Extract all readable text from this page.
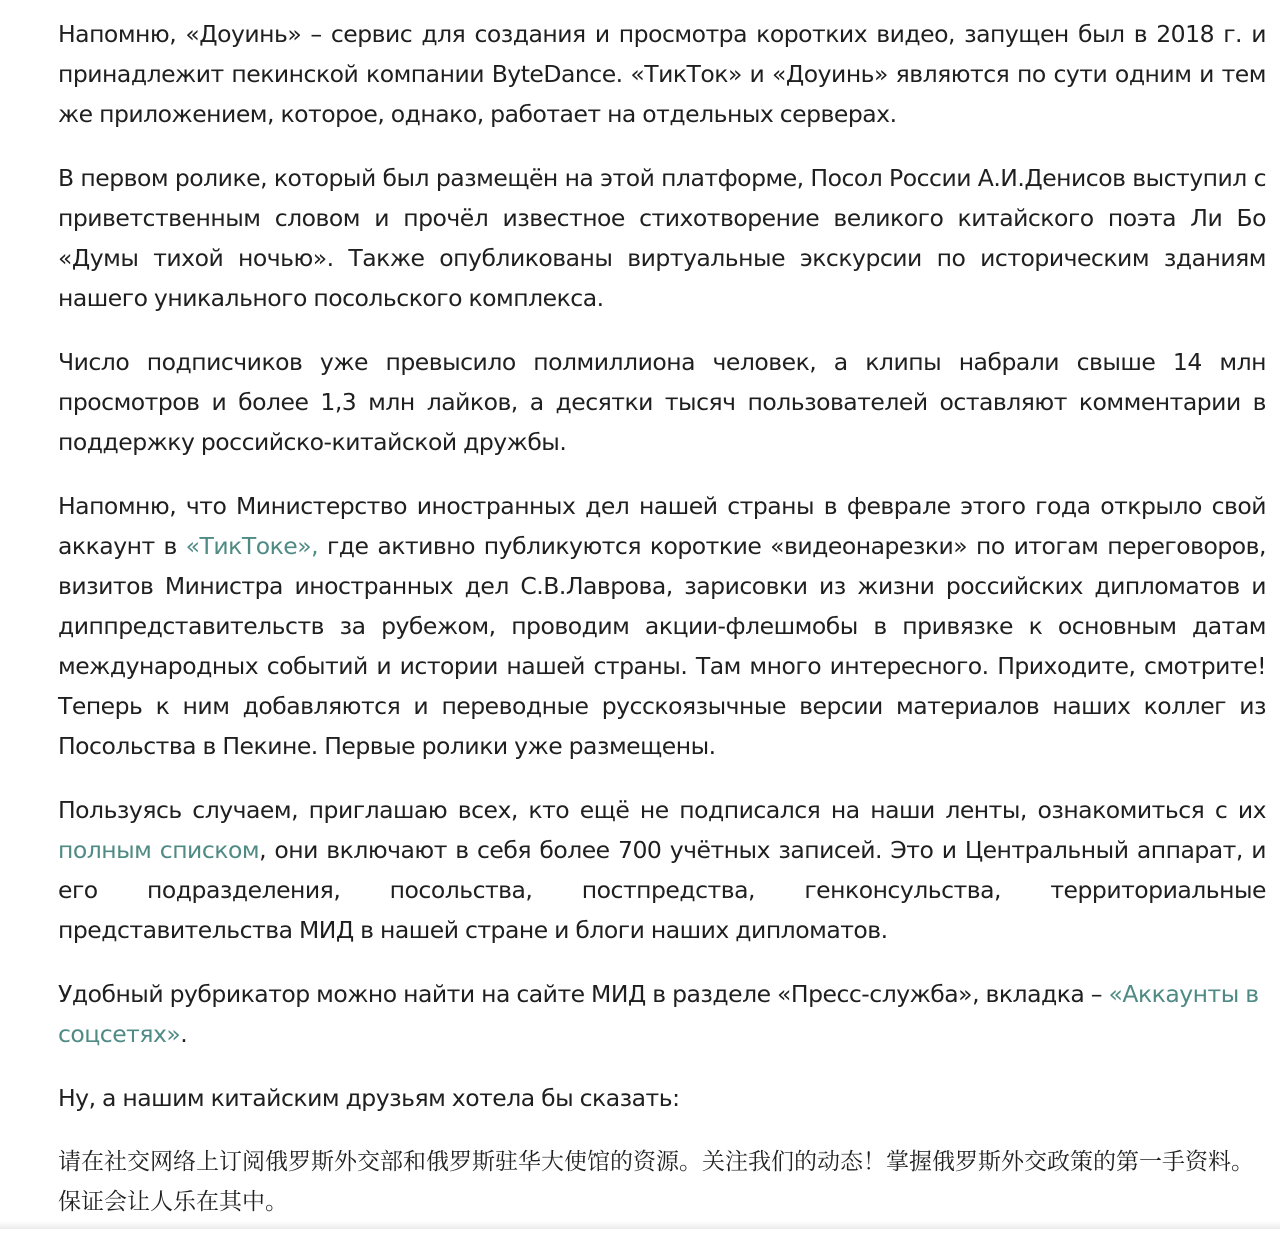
Напомню, «Доуинь» – сервис для создания и просмотра коротких видео, запущен был в 2018 г. и принадлежит пекинской компании ByteDance. «ТикТок» и «Доуинь» являются по сути одним и тем же приложением, которое, однако, работает на отдельных серверах.

В первом ролике, который был размещён на этой платформе, Посол России А.И.Денисов выступил с приветственным словом и прочёл известное стихотворение великого китайского поэта Ли Бо «Думы тихой ночью». Также опубликованы виртуальные экскурсии по историческим зданиям нашего уникального посольского комплекса.

Число подписчиков уже превысило полмиллиона человек, а клипы набрали свыше 14 млн просмотров и более 1,3 млн лайков, а десятки тысяч пользователей оставляют комментарии в поддержку российско-китайской дружбы.

Напомню, что Министерство иностранных дел нашей страны в феврале этого года открыло свой аккаунт в «ТикТоке», где активно публикуются короткие «видеонарезки» по итогам переговоров, визитов Министра иностранных дел С.В.Лаврова, зарисовки из жизни российских дипломатов и диппредставительств за рубежом, проводим акции-флешмобы в привязке к основным датам международных событий и истории нашей страны. Там много интересного. Приходите, смотрите! Теперь к ним добавляются и переводные русскоязычные версии материалов наших коллег из Посольства в Пекине. Первые ролики уже размещены.

Пользуясь случаем, приглашаю всех, кто ещё не подписался на наши ленты, ознакомиться с их полным списком, они включают в себя более 700 учётных записей. Это и Центральный аппарат, и его подразделения, посольства, постпредства, генконсульства, территориальные представительства МИД в нашей стране и блоги наших дипломатов.

Удобный рубрикатор можно найти на сайте МИД в разделе «Пресс-служба», вкладка – «Аккаунты в соцсетях».

Ну, а нашим китайским друзьям хотела бы сказать:

请在社交网络上订阅俄罗斯外交部和俄罗斯驻华大使馆的资源。关注我们的动态！掌握俄罗斯外交政策的第一手资料。 保证会让人乐在其中。
